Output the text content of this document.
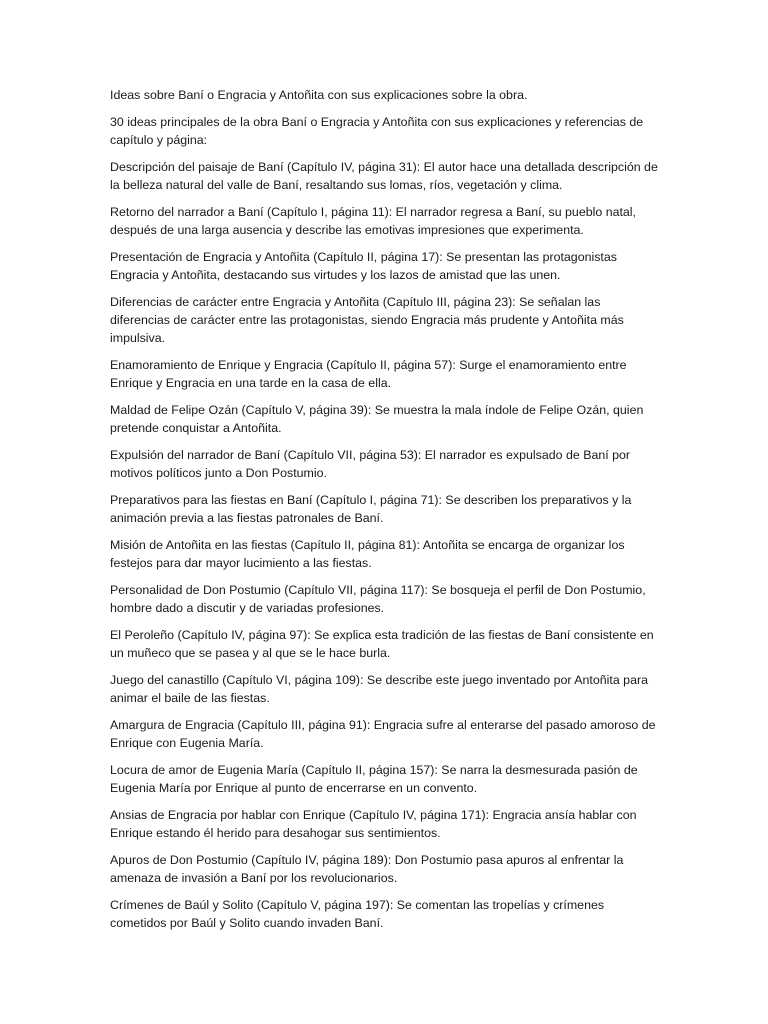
Ideas sobre Baní o Engracia y Antoñita con sus explicaciones sobre la obra.

30 ideas principales de la obra Baní o Engracia y Antoñita con sus explicaciones y referencias de capítulo y página:

Descripción del paisaje de Baní (Capítulo IV, página 31): El autor hace una detallada descripción de la belleza natural del valle de Baní, resaltando sus lomas, ríos, vegetación y clima.

Retorno del narrador a Baní (Capítulo I, página 11): El narrador regresa a Baní, su pueblo natal, después de una larga ausencia y describe las emotivas impresiones que experimenta.

Presentación de Engracia y Antoñita (Capítulo II, página 17): Se presentan las protagonistas Engracia y Antoñita, destacando sus virtudes y los lazos de amistad que las unen.

Diferencias de carácter entre Engracia y Antoñita (Capítulo III, página 23): Se señalan las diferencias de carácter entre las protagonistas, siendo Engracia más prudente y Antoñita más impulsiva.

Enamoramiento de Enrique y Engracia (Capítulo II, página 57): Surge el enamoramiento entre Enrique y Engracia en una tarde en la casa de ella.

Maldad de Felipe Ozán (Capítulo V, página 39): Se muestra la mala índole de Felipe Ozán, quien pretende conquistar a Antoñita.

Expulsión del narrador de Baní (Capítulo VII, página 53): El narrador es expulsado de Baní por motivos políticos junto a Don Postumio.

Preparativos para las fiestas en Baní (Capítulo I, página 71): Se describen los preparativos y la animación previa a las fiestas patronales de Baní.

Misión de Antoñita en las fiestas (Capítulo II, página 81): Antoñita se encarga de organizar los festejos para dar mayor lucimiento a las fiestas.

Personalidad de Don Postumio (Capítulo VII, página 117): Se bosqueja el perfil de Don Postumio, hombre dado a discutir y de variadas profesiones.

El Peroleño (Capítulo IV, página 97): Se explica esta tradición de las fiestas de Baní consistente en un muñeco que se pasea y al que se le hace burla.

Juego del canastillo (Capítulo VI, página 109): Se describe este juego inventado por Antoñita para animar el baile de las fiestas.

Amargura de Engracia (Capítulo III, página 91): Engracia sufre al enterarse del pasado amoroso de Enrique con Eugenia María.

Locura de amor de Eugenia María (Capítulo II, página 157): Se narra la desmesurada pasión de Eugenia María por Enrique al punto de encerrarse en un convento.

Ansias de Engracia por hablar con Enrique (Capítulo IV, página 171): Engracia ansía hablar con Enrique estando él herido para desahogar sus sentimientos.

Apuros de Don Postumio (Capítulo IV, página 189): Don Postumio pasa apuros al enfrentar la amenaza de invasión a Baní por los revolucionarios.

Crímenes de Baúl y Solito (Capítulo V, página 197): Se comentan las tropelías y crímenes cometidos por Baúl y Solito cuando invaden Baní.
